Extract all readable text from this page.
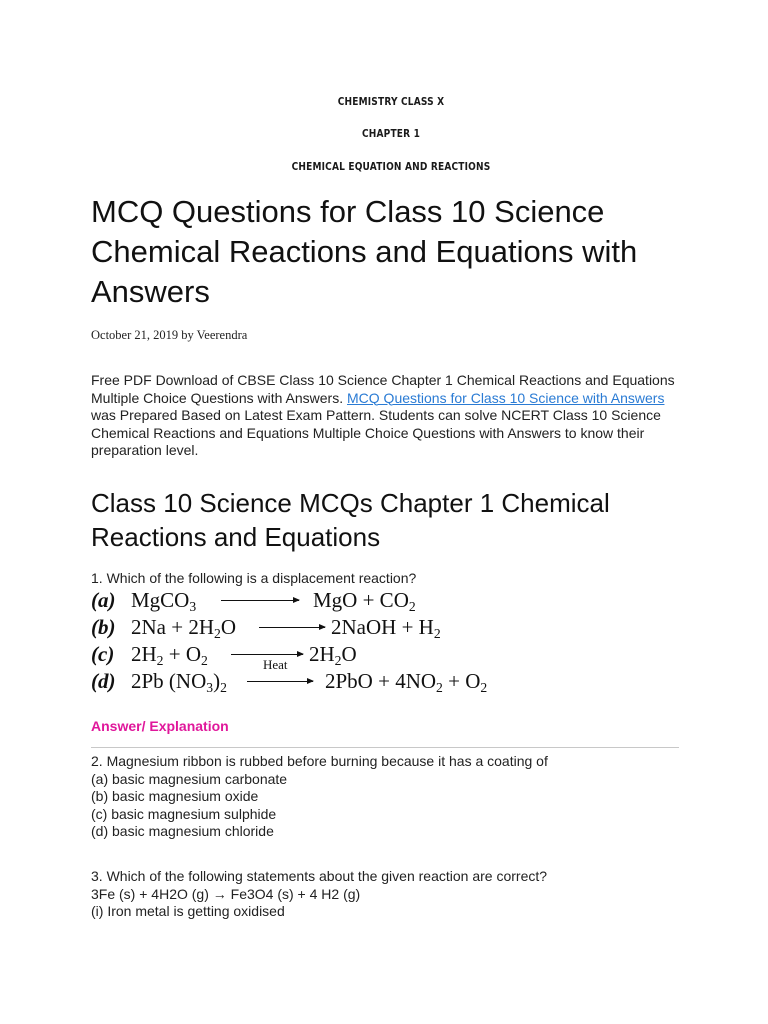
CHEMISTRY CLASS X
CHAPTER 1
CHEMICAL EQUATION AND REACTIONS
MCQ Questions for Class 10 Science Chemical Reactions and Equations with Answers
October 21, 2019 by Veerendra

Free PDF Download of CBSE Class 10 Science Chapter 1 Chemical Reactions and Equations Multiple Choice Questions with Answers. MCQ Questions for Class 10 Science with Answers was Prepared Based on Latest Exam Pattern. Students can solve NCERT Class 10 Science Chemical Reactions and Equations Multiple Choice Questions with Answers to know their preparation level.

Class 10 Science MCQs Chapter 1 Chemical Reactions and Equations

1. Which of the following is a displacement reaction?

(a) MgCO$_3$ → MgO + $CO_2$
(b) $2Na + 2H_2O$ → 2NaOH + $H_2$
(c) $2H_2 + O_2 \to 2H_2O$
(d) 2Pb $(NO_3)_2$
Heat
→ $2PbO + 4NO_2 + O_2$
Answer/ Explanation

2. Magnesium ribbon is rubbed before burning because it has a coating of

(a) basic magnesium carbonate

(b) basic magnesium oxide

(c) basic magnesium sulphide

(d) basic magnesium chloride

3. Which of the following statements about the given reaction are correct?

3Fe (s) + 4H2O (g) → Fe3O4 (s) + 4 H2 (g)

(i) Iron metal is getting oxidised
